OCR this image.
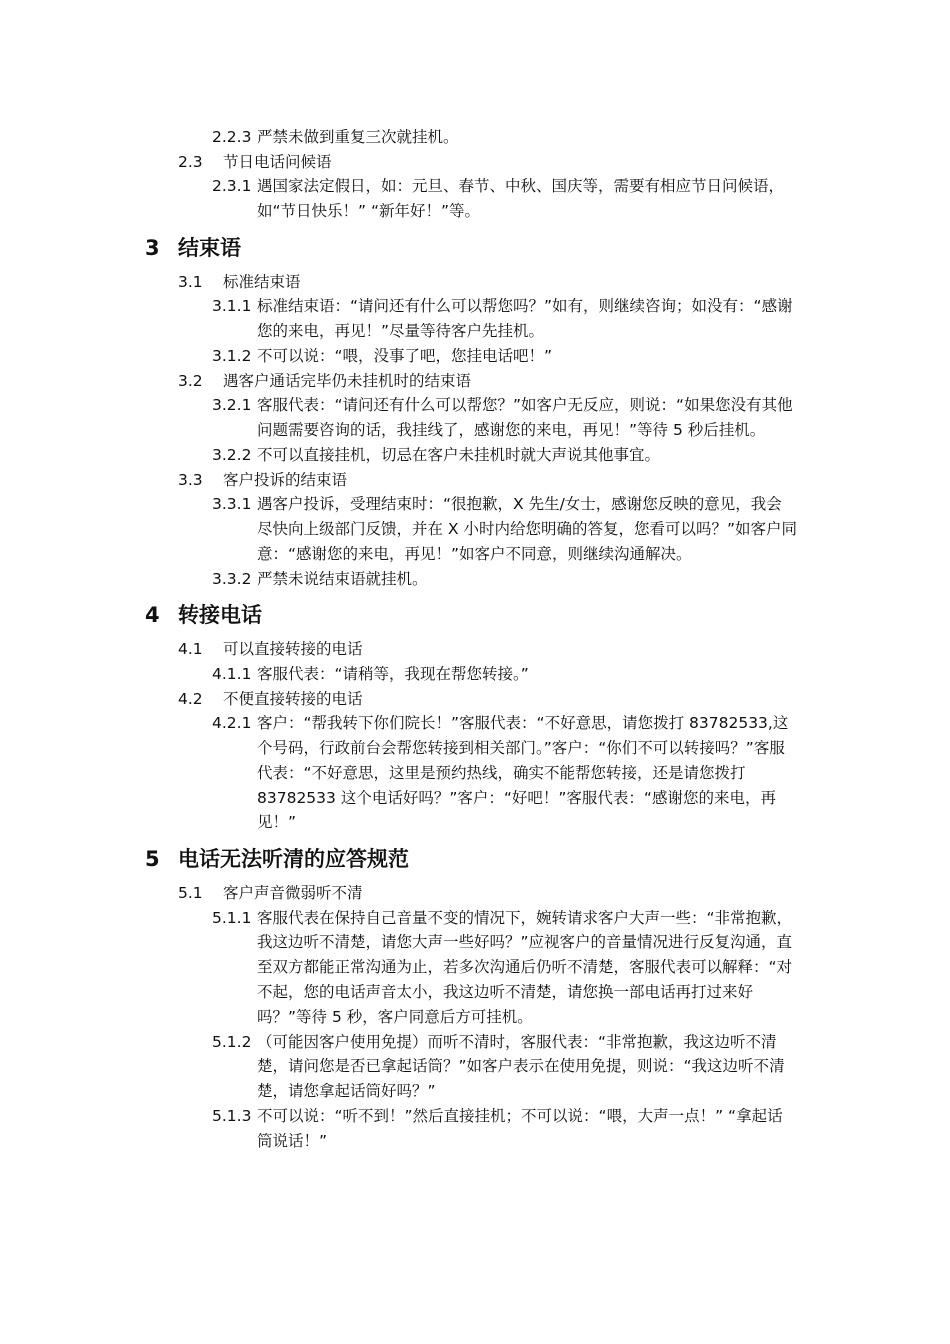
2.2.3 严禁未做到重复三次就挂机。
2.3 节日电话问候语
2.3.1 遇国家法定假日，如：元旦、春节、中秋、国庆等，需要有相应节日问候语，如“节日快乐！” “新年好！”等。
3 结束语
3.1 标准结束语
3.1.1 标准结束语：“请问还有什么可以帮您吗？”如有，则继续咨询；如没有：“感谢您的来电，再见！”尽量等待客户先挂机。
3.1.2 不可以说：“喂，没事了吧，您挂电话吧！”
3.2 遇客户通话完毕仍未挂机时的结束语
3.2.1 客服代表：“请问还有什么可以帮您？”如客户无反应，则说：“如果您没有其他问题需要咨询的话，我挂线了，感谢您的来电，再见！”等待 5 秒后挂机。
3.2.2 不可以直接挂机，切忌在客户未挂机时就大声说其他事宜。
3.3 客户投诉的结束语
3.3.1 遇客户投诉，受理结束时：“很抱歉，X 先生/女士，感谢您反映的意见，我会尽快向上级部门反馈，并在 X 小时内给您明确的答复，您看可以吗？”如客户同意：“感谢您的来电，再见！”如客户不同意，则继续沟通解决。
3.3.2 严禁未说结束语就挂机。
4 转接电话
4.1 可以直接转接的电话
4.1.1 客服代表：“请稍等，我现在帮您转接。”
4.2 不便直接转接的电话
4.2.1 客户：“帮我转下你们院长！”客服代表：“不好意思，请您拨打 83782533,这个号码，行政前台会帮您转接到相关部门。”客户：“你们不可以转接吗？”客服代表：“不好意思，这里是预约热线，确实不能帮您转接，还是请您拨打 83782533 这个电话好吗？”客户：“好吧！”客服代表：“感谢您的来电，再见！”
5 电话无法听清的应答规范
5.1 客户声音微弱听不清
5.1.1 客服代表在保持自己音量不变的情况下，婉转请求客户大声一些：“非常抱歉，我这边听不清楚，请您大声一些好吗？”应视客户的音量情况进行反复沟通，直至双方都能正常沟通为止，若多次沟通后仍听不清楚，客服代表可以解释：“对不起，您的电话声音太小，我这边听不清楚，请您换一部电话再打过来好吗？”等待 5 秒，客户同意后方可挂机。
5.1.2 （可能因客户使用免提）而听不清时，客服代表：“非常抱歉，我这边听不清楚，请问您是否已拿起话筒？”如客户表示在使用免提，则说：“我这边听不清楚，请您拿起话筒好吗？”
5.1.3 不可以说：“听不到！”然后直接挂机；不可以说：“喂，大声一点！” “拿起话筒说话！”
